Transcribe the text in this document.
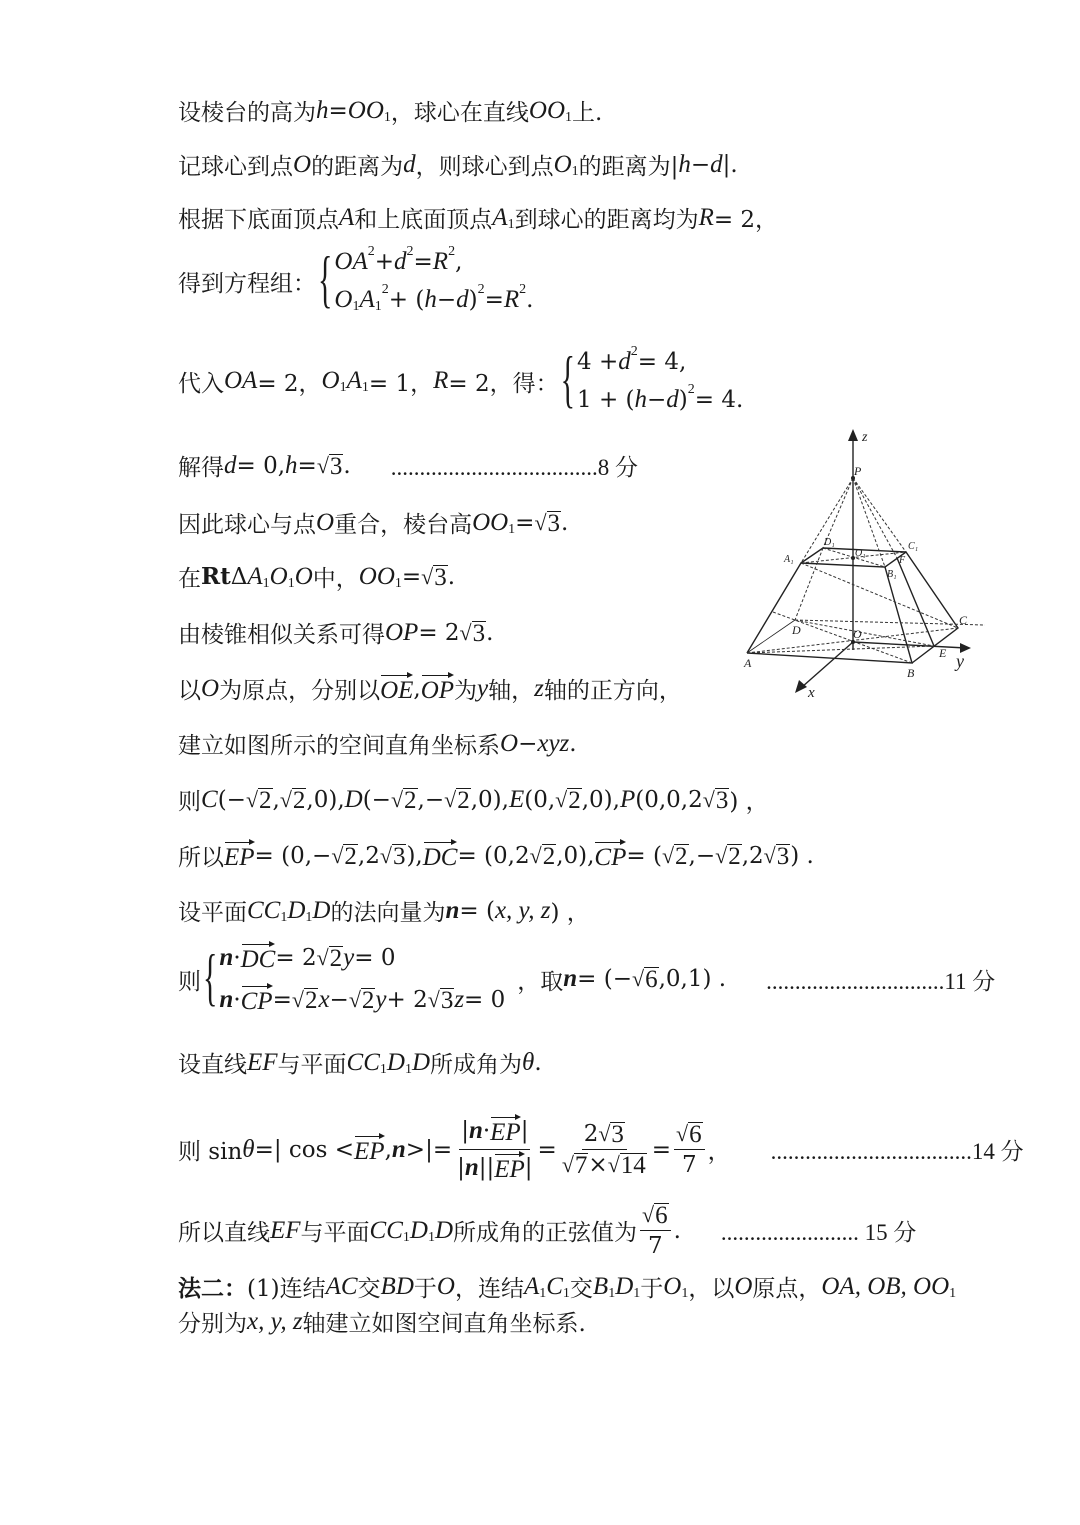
设棱台的高为 h = OO 1 ，球心在直线 OO 1 上.
记球心到点 O 的距离为 d ，则球心到点 O 1 的距离为| h − d |.
根据下底面顶点 A 和上底面顶点 A 1 到球心的距离均为 R = 2，
得到方程组： { OA 2 + d 2 = R 2 ,
O 1 A 1
2 + ( h − d ) 2 = R 2 .
代入 OA = 2， O 1 A 1 = 1， R = 2，得： { 4 + d 2 = 4,
1 + ( h − d ) 2 = 4.
解得 d = 0, h = √ 3 . ....................................8 分
因此球心与点 O 重合，棱台高 OO 1 = √ 3 .
在 Rt Δ A 1 O 1 O 中， OO 1 = √ 3 .
由棱锥相似关系可得 OP = 2 √ 3 .
以 O 为原点，分别以 OE , OP 为 y 轴， z 轴的正方向，
建立如图所示的空间直角坐标系 O − xyz .
则 C (− √ 2 , √ 2 ,0), D (− √ 2 ,− √ 2 ,0), E (0, √ 2 ,0), P (0,0,2 √ 3 ) ，
所以 EP = (0,− √ 2 ,2 √ 3 ), DC = (0,2 √ 2 ,0), CP = ( √ 2 ,− √ 2 ,2 √ 3 ) .
设平面 CC 1 D 1 D 的法向量为 n = ( x, y, z ) ，
则 { n · DC = 2 √ 2 y = 0
n · CP = √ 2 x − √ 2 y + 2 √ 3 z = 0
，取 n = (− √ 6 ,0,1) . ...............................11 分
设直线 EF 与平面 CC 1 D 1 D 所成角为 θ .
则 sin θ =| cos < EP , n >|= $\frac{| n \cdot EP |}{| n || EP |} = \frac{2 √ 3}{√ 7 \times √ 14} = \frac{√ 6}{7}$ ， ...................................14 分
所以直线 EF 与平面 CC 1 D 1 D 所成角的正弦值为 $\frac{√ 6}{7}$ . ........................ 15 分
法二： (1)连结 AC 交 BD 于 O ，连结 A 1 C 1 交 B 1 D 1 于 O 1 ，以 O 原点， OA, OB, OO 1
分别为 x, y, z 轴建立如图空间直角坐标系.
z
P
D₁	C₁
A₁
O₁
B₁
F
C
D	O
A
B
E y
x
